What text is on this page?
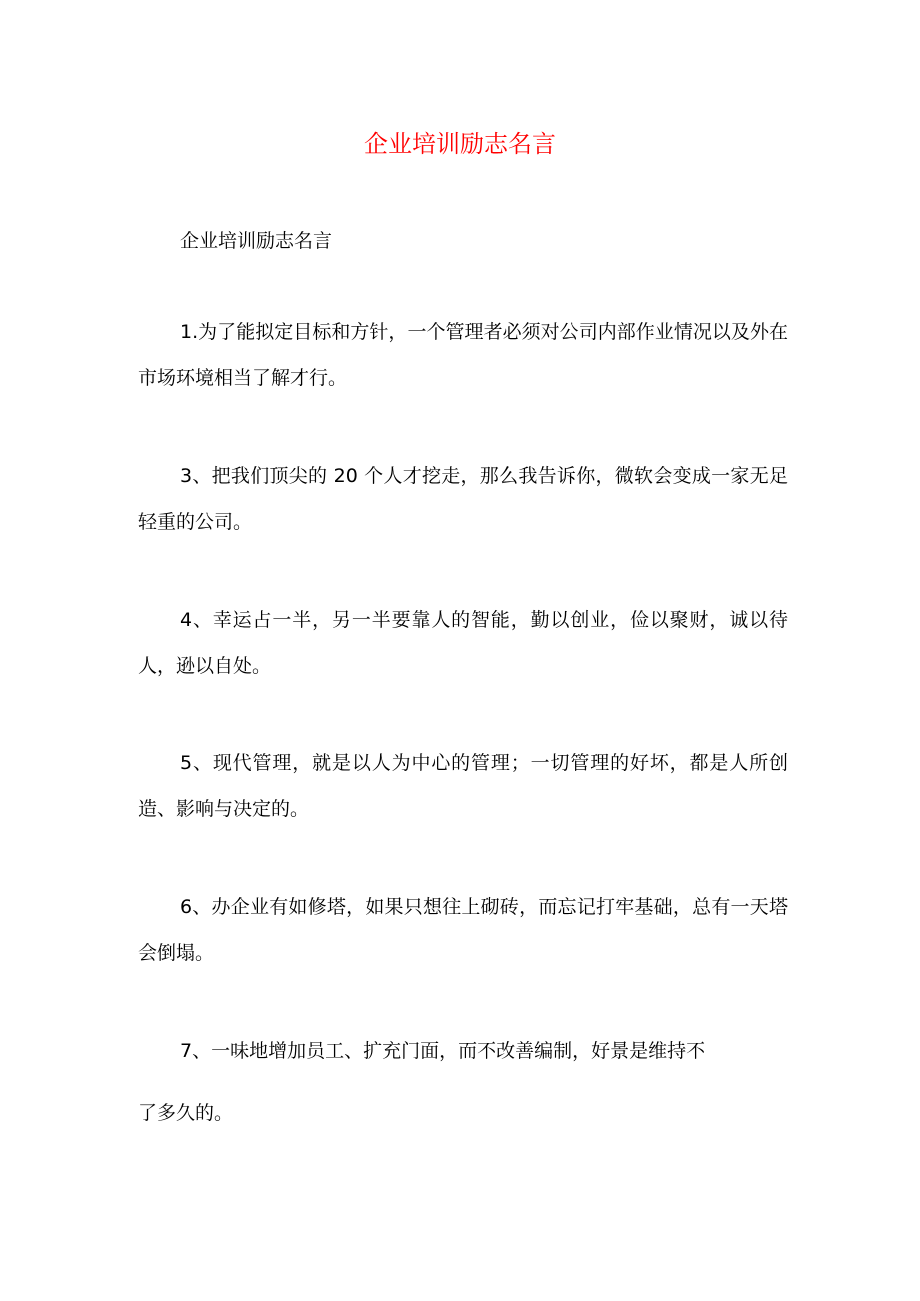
企业培训励志名言

企业培训励志名言

1.为了能拟定目标和方针，一个管理者必须对公司内部作业情况以及外在市场环境相当了解才行。

3、把我们顶尖的 20 个人才挖走，那么我告诉你，微软会变成一家无足轻重的公司。

4、幸运占一半，另一半要靠人的智能，勤以创业，俭以聚财，诚以待人，逊以自处。

5、现代管理，就是以人为中心的管理；一切管理的好坏，都是人所创造、影响与决定的。

6、办企业有如修塔，如果只想往上砌砖，而忘记打牢基础，总有一天塔会倒塌。

7、一味地增加员工、扩充门面，而不改善编制，好景是维持不

了多久的。
